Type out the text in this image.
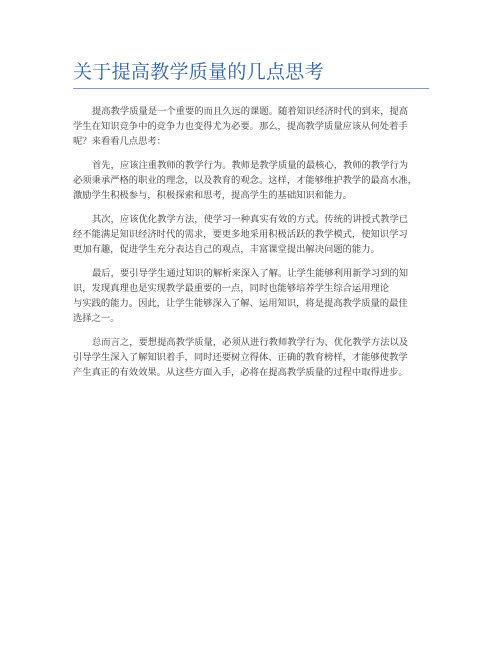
关于提高教学质量的几点思考

提高教学质量是一个重要的而且久远的课题。随着知识经济时代的到来，提高
学生在知识竞争中的竞争力也变得尤为必要。那么，提高教学质量应该从何处着手
呢？来看看几点思考：

首先，应该注重教师的教学行为。教师是教学质量的最核心，教师的教学行为
必须秉承严格的职业的理念，以及教育的观念。这样，才能够维护教学的最高水准，
激励学生积极参与，积极探索和思考，提高学生的基础知识和能力。

其次，应该优化教学方法，使学习一种真实有效的方式。传统的讲授式教学已
经不能满足知识经济时代的需求，要更多地采用积极活跃的教学模式，使知识学习
更加有趣，促进学生充分表达自己的观点，丰富课堂提出解决问题的能力。

最后，要引导学生通过知识的解析来深入了解。让学生能够利用新学习到的知
识，发现真理也是实现教学最重要的一点，同时也能够培养学生综合运用理论
与实践的能力。因此，让学生能够深入了解、运用知识，将是提高教学质量的最佳
选择之一。

总而言之，要想提高教学质量，必须从进行教师教学行为、优化教学方法以及
引导学生深入了解知识着手，同时还要树立得体、正确的教育榜样，才能够使教学
产生真正的有效效果。从这些方面入手，必将在提高教学质量的过程中取得进步。
